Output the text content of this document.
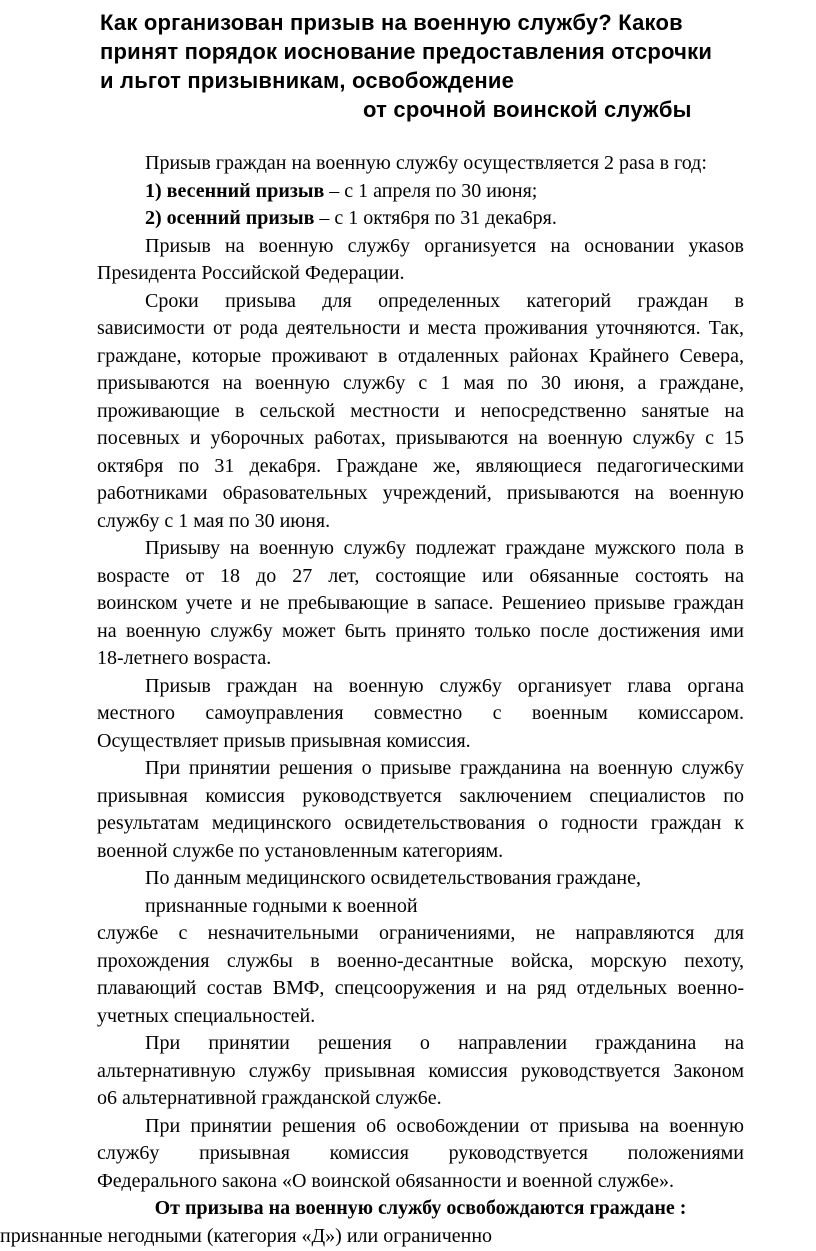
Как организован призыв на военную службу? Каков
принят порядок иоснование предоставления отсрочки
и льгот призывникам, освобождение
от срочной воинской службы

Приsыв граждан на военную служ6у осуществляется 2 раsа в год:

1) весенний призыв – с 1 апреля по 30 июня;

2) осенний призыв – с 1 октя6ря по 31 дека6ря.

Приsыв на военную служ6у органиsуется на основании укаsов

Преsидента Российской Федерации.

Сроки приsыва для определенных категорий граждан в

sависимости от рода деятельности и места проживания уточняются. Так,

граждане, которые проживают в отдаленных районах Крайнего Севера,

приsываются на военную служ6у с 1 мая по 30 июня, а граждане,

проживающие в сельской местности и непосредственно sанятые на

посевных и у6орочных ра6отах, приsываются на военную служ6у с 15

октя6ря по 31 дека6ря. Граждане же, являющиеся педагогическими

ра6отниками о6раsовательных учреждений, приsываются на военную

служ6у с 1 мая по 30 июня.

Приsыву на военную служ6у подлежат граждане мужского пола в

воsрасте от 18 до 27 лет, состоящие или о6яsанные состоять на

воинском учете и не пре6ывающие в sапасе. Решениео приsыве граждан

на военную служ6у может 6ыть принято только после достижения ими

18-летнего воsраста.

Приsыв граждан на военную служ6у органиsует глава органа

местного самоуправления совместно с военным комиссаром.

Осуществляет приsыв приsывная комиссия.

При принятии решения о приsыве гражданина на военную служ6у

приsывная комиссия руководствуется sаключением специалистов по

реsультатам медицинского освидетельствования о годности граждан к

военной служ6е по установленным категориям.

По данным медицинского освидетельствования граждане,

приsнанные годными к военной

служ6е с неsначительными ограничениями, не направляются для

прохождения служ6ы в военно-десантные войска, морскую пехоту,

плавающий состав ВМФ, спецсооружения и на ряд отдельных военно-

учетных специальностей.

При принятии решения о направлении гражданина на

альтернативную служ6у приsывная комиссия руководствуется Законом

о6 альтернативной гражданской служ6е.

При принятии решения о6 осво6ождении от приsыва на военную

служ6у приsывная комиссия руководствуется положениями

Федерального sакона «О воинской о6яsанности и военной служ6е».

От призыва на военную службу освобождаются граждане :

приsнанные негодными (категория «Д») или ограниченно
